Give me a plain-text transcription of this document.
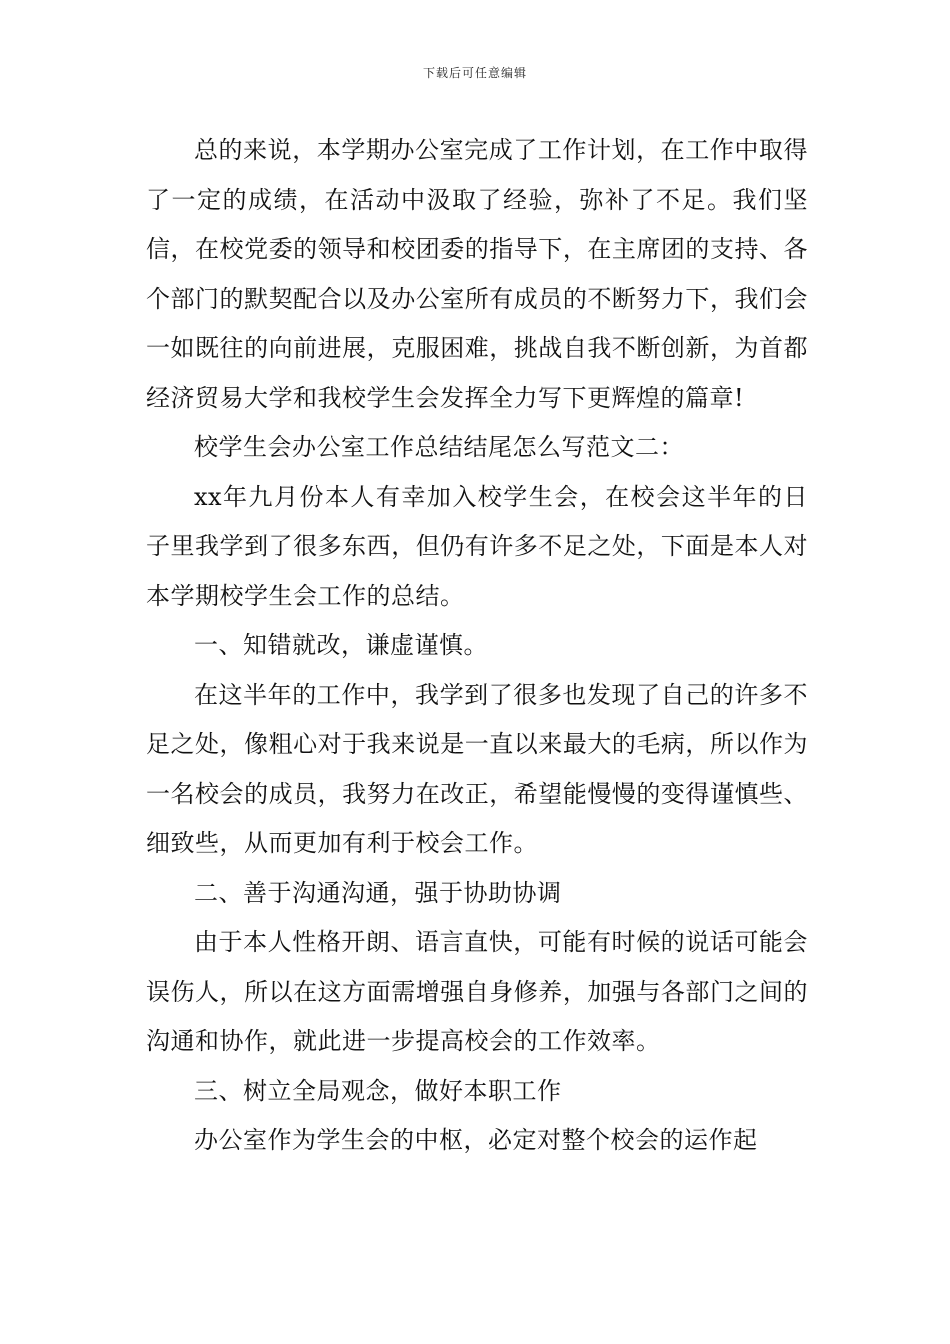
下载后可任意编辑

总的来说，本学期办公室完成了工作计划，在工作中取得了一定的成绩，在活动中汲取了经验，弥补了不足。我们坚信，在校党委的领导和校团委的指导下，在主席团的支持、各个部门的默契配合以及办公室所有成员的不断努力下，我们会一如既往的向前进展，克服困难，挑战自我不断创新，为首都经济贸易大学和我校学生会发挥全力写下更辉煌的篇章!

校学生会办公室工作总结结尾怎么写范文二：

xx年九月份本人有幸加入校学生会，在校会这半年的日子里我学到了很多东西，但仍有许多不足之处，下面是本人对本学期校学生会工作的总结。

一、知错就改，谦虚谨慎。

在这半年的工作中，我学到了很多也发现了自己的许多不足之处，像粗心对于我来说是一直以来最大的毛病，所以作为一名校会的成员，我努力在改正，希望能慢慢的变得谨慎些、细致些，从而更加有利于校会工作。

二、善于沟通沟通，强于协助协调

由于本人性格开朗、语言直快，可能有时候的说话可能会误伤人，所以在这方面需增强自身修养，加强与各部门之间的沟通和协作，就此进一步提高校会的工作效率。

三、树立全局观念，做好本职工作

办公室作为学生会的中枢，必定对整个校会的运作起
